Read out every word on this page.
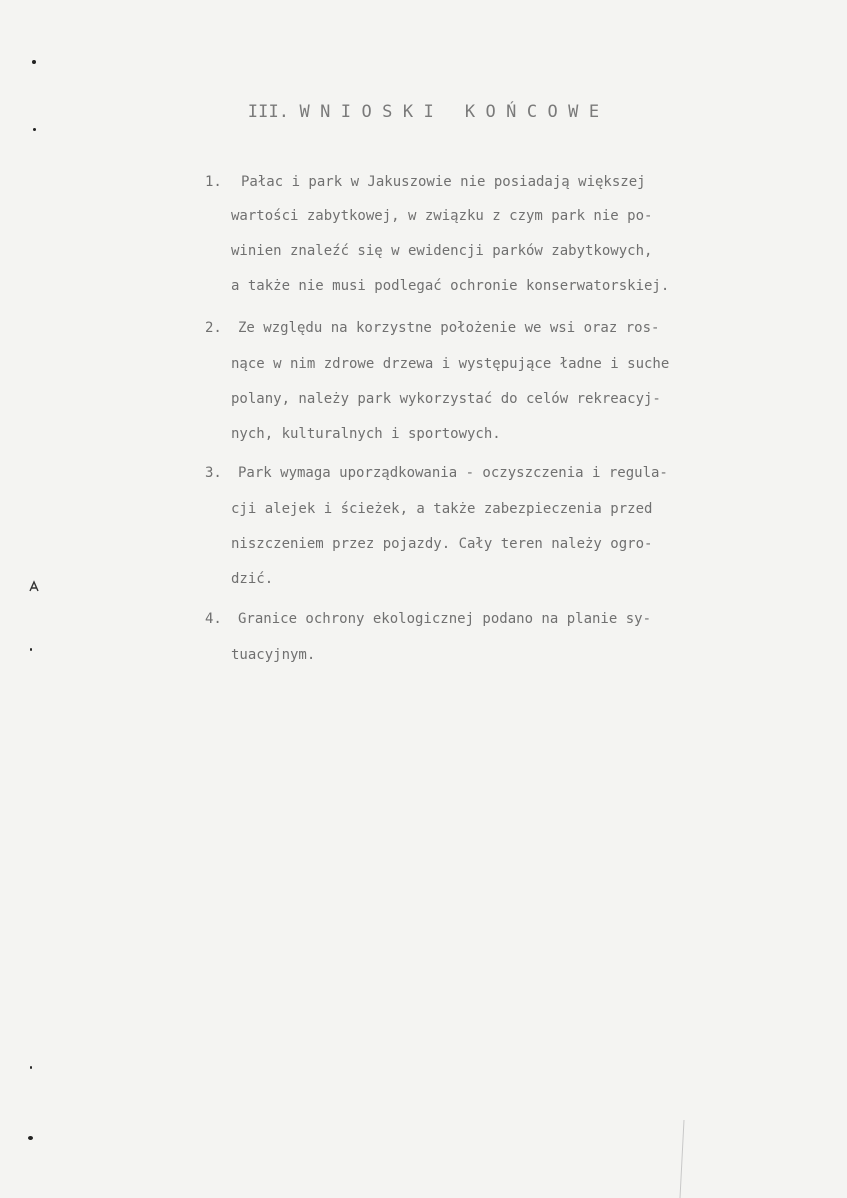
III. W N I O S K I   K O Ń C O W E
1. Pałac i park w Jakuszowie nie posiadają większej
wartości zabytkowej, w związku z czym park nie po-
winien znaleźć się w ewidencji parków zabytkowych,
a także nie musi podlegać ochronie konserwatorskiej.
2. Ze względu na korzystne położenie we wsi oraz ros-
nące w nim zdrowe drzewa i występujące ładne i suche
polany, należy park wykorzystać do celów rekreacyj-
nych, kulturalnych i sportowych.
3. Park wymaga uporządkowania - oczyszczenia i regula-
cji alejek i ścieżek, a także zabezpieczenia przed
niszczeniem przez pojazdy. Cały teren należy ogro-
dzić.
4. Granice ochrony ekologicznej podano na planie sy-
tuacyjnym.
